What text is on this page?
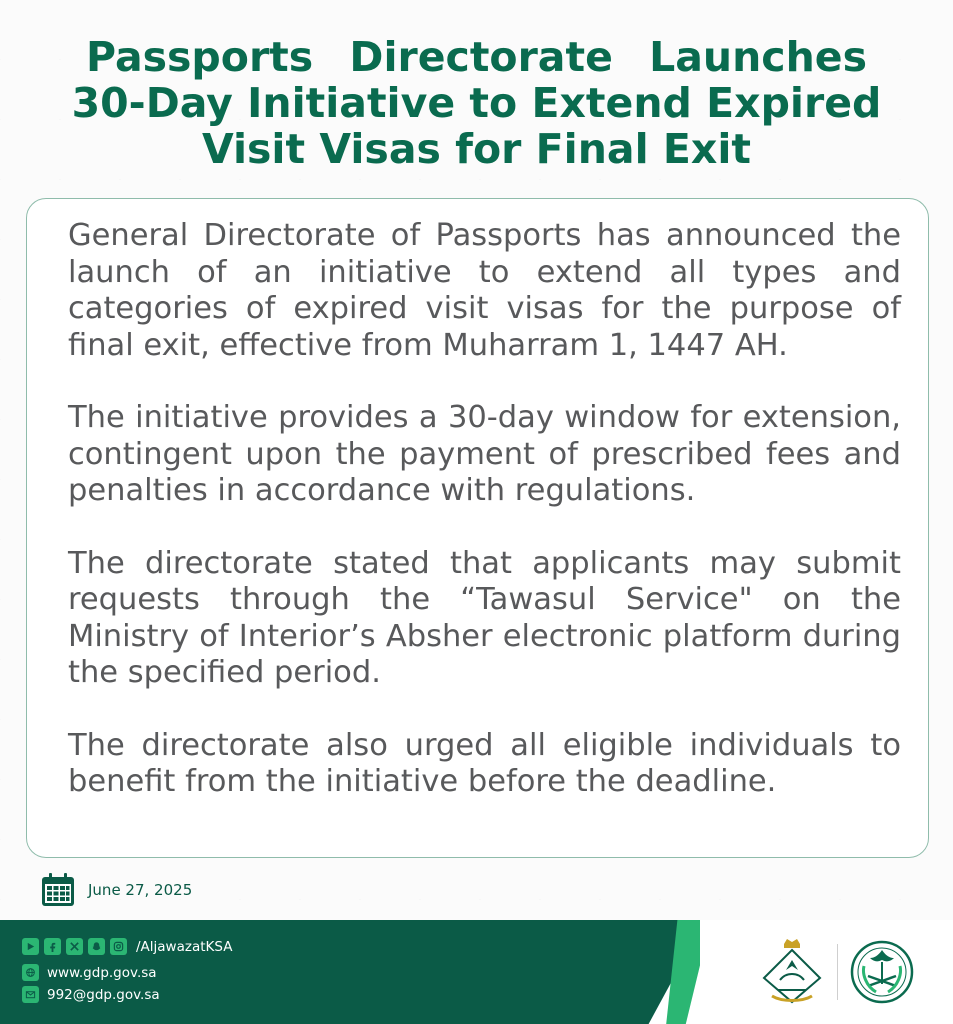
Passports Directorate Launches
30-Day Initiative to Extend Expired
Visit Visas for Final Exit

General Directorate of Passports has announced the launch of an initiative to extend all types and categories of expired visit visas for the purpose of final exit, effective from Muharram 1, 1447 AH.

The initiative provides a 30-day window for extension, contingent upon the payment of prescribed fees and penalties in accordance with regulations.

The directorate stated that applicants may submit requests through the “Tawasul Service" on the Ministry of Interior’s Absher electronic platform during the specified period.

The directorate also urged all eligible individuals to benefit from the initiative before the deadline.

June 27, 2025
/AljawazatKSA
www.gdp.gov.sa
992@gdp.gov.sa
